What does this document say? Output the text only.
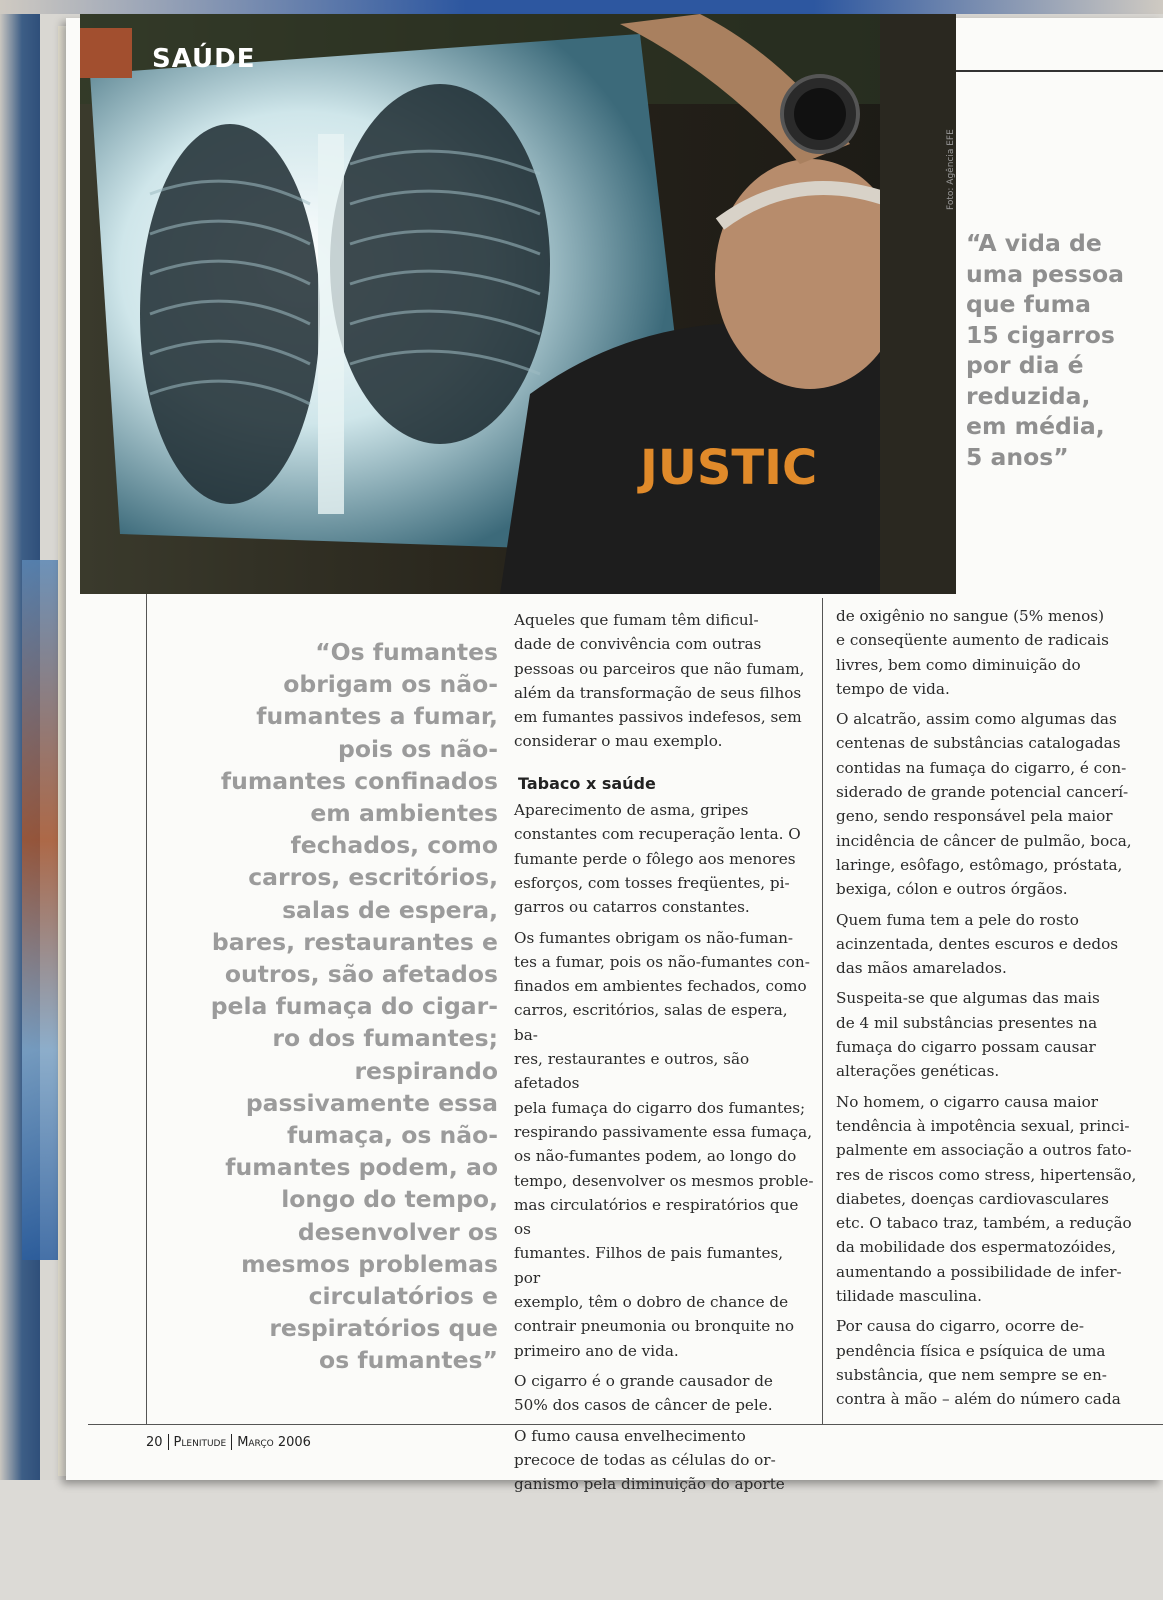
JUSTIC
SAÚDE
Foto: Agência EFE
“A vida de
uma pessoa
que fuma
15 cigarros
por dia é
reduzida,
em média,
5 anos”
“Os fumantes
obrigam os não-
fumantes a fumar,
pois os não-
fumantes confinados
em ambientes
fechados, como
carros, escritórios,
salas de espera,
bares, restaurantes e
outros, são afetados
pela fumaça do cigar-
ro dos fumantes;
respirando
passivamente essa
fumaça, os não-
fumantes podem, ao
longo do tempo,
desenvolver os
mesmos problemas
circulatórios e
respiratórios que
os fumantes”

Aqueles que fumam têm dificul-
dade de convivência com outras
pessoas ou parceiros que não fumam,
além da transformação de seus filhos
em fumantes passivos indefesos, sem
considerar o mau exemplo.

Tabaco x saúde

Aparecimento de asma, gripes
constantes com recuperação lenta. O
fumante perde o fôlego aos menores
esforços, com tosses freqüentes, pi-
garros ou catarros constantes.

Os fumantes obrigam os não-fuman-
tes a fumar, pois os não-fumantes con-
finados em ambientes fechados, como
carros, escritórios, salas de espera, ba-
res, restaurantes e outros, são afetados
pela fumaça do cigarro dos fumantes;
respirando passivamente essa fumaça,
os não-fumantes podem, ao longo do
tempo, desenvolver os mesmos proble-
mas circulatórios e respiratórios que os
fumantes. Filhos de pais fumantes, por
exemplo, têm o dobro de chance de
contrair pneumonia ou bronquite no
primeiro ano de vida.

O cigarro é o grande causador de
50% dos casos de câncer de pele.

O fumo causa envelhecimento
precoce de todas as células do or-
ganismo pela diminuição do aporte

de oxigênio no sangue (5% menos)
e conseqüente aumento de radicais
livres, bem como diminuição do
tempo de vida.

O alcatrão, assim como algumas das
centenas de substâncias catalogadas
contidas na fumaça do cigarro, é con-
siderado de grande potencial cancerí-
geno, sendo responsável pela maior
incidência de câncer de pulmão, boca,
laringe, esôfago, estômago, próstata,
bexiga, cólon e outros órgãos.

Quem fuma tem a pele do rosto
acinzentada, dentes escuros e dedos
das mãos amarelados.

Suspeita-se que algumas das mais
de 4 mil substâncias presentes na
fumaça do cigarro possam causar
alterações genéticas.

No homem, o cigarro causa maior
tendência à impotência sexual, princi-
palmente em associação a outros fato-
res de riscos como stress, hipertensão,
diabetes, doenças cardiovasculares
etc. O tabaco traz, também, a redução
da mobilidade dos espermatozóides,
aumentando a possibilidade de infer-
tilidade masculina.

Por causa do cigarro, ocorre de-
pendência física e psíquica de uma
substância, que nem sempre se en-
contra à mão – além do número cada

20 Plenitude Março 2006
